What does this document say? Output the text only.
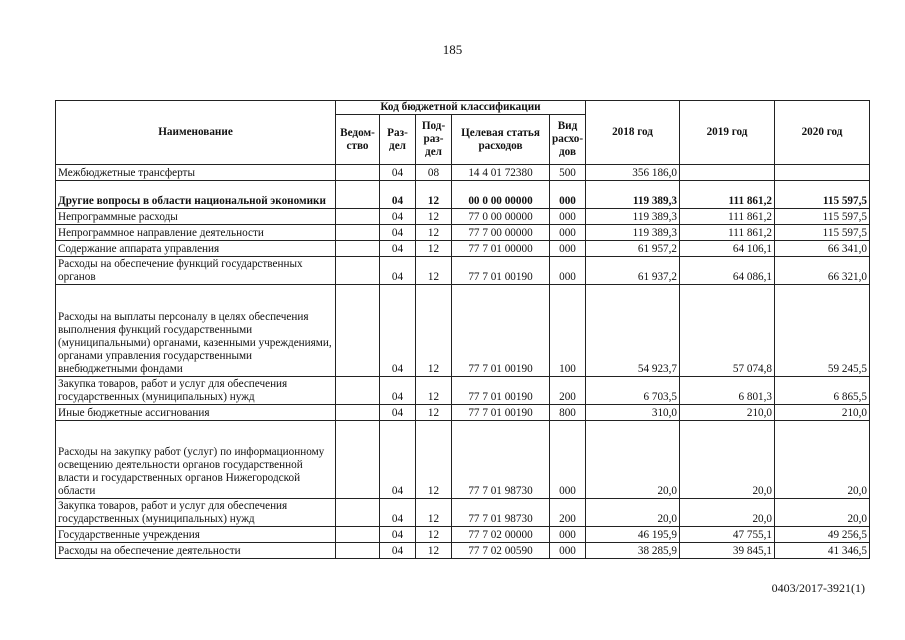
185
Наименование	Код бюджетной классификации					2018 год	2019 год	2020 год
	Ведом-ство	Раз-дел	Под-раз-дел	Целевая статья расходов	Вид расхо-дов			
Межбюджетные трансферты		04	08	14 4 01 72380	500	356 186,0		
Другие вопросы в области национальной экономики		04	12	00 0 00 00000	000	119 389,3	111 861,2	115 597,5
Непрограммные расходы		04	12	77 0 00 00000	000	119 389,3	111 861,2	115 597,5
Непрограммное направление деятельности		04	12	77 7 00 00000	000	119 389,3	111 861,2	115 597,5
Содержание аппарата управления		04	12	77 7 01 00000	000	61 957,2	64 106,1	66 341,0
Расходы на обеспечение функций государственных органов		04	12	77 7 01 00190	000	61 937,2	64 086,1	66 321,0
Расходы на выплаты персоналу в целях обеспечения выполнения функций государственными (муниципальными) органами, казенными учреждениями, органами управления государственными внебюджетными фондами		04	12	77 7 01 00190	100	54 923,7	57 074,8	59 245,5
Закупка товаров, работ и услуг для обеспечения государственных (муниципальных) нужд		04	12	77 7 01 00190	200	6 703,5	6 801,3	6 865,5
Иные бюджетные ассигнования		04	12	77 7 01 00190	800	310,0	210,0	210,0
Расходы на закупку работ (услуг) по информационному освещению деятельности органов государственной власти и государственных органов Нижегородской области		04	12	77 7 01 98730	000	20,0	20,0	20,0
Закупка товаров, работ и услуг для обеспечения государственных (муниципальных) нужд		04	12	77 7 01 98730	200	20,0	20,0	20,0
Государственные учреждения		04	12	77 7 02 00000	000	46 195,9	47 755,1	49 256,5
Расходы на обеспечение деятельности		04	12	77 7 02 00590	000	38 285,9	39 845,1	41 346,5
0403/2017-3921(1)
